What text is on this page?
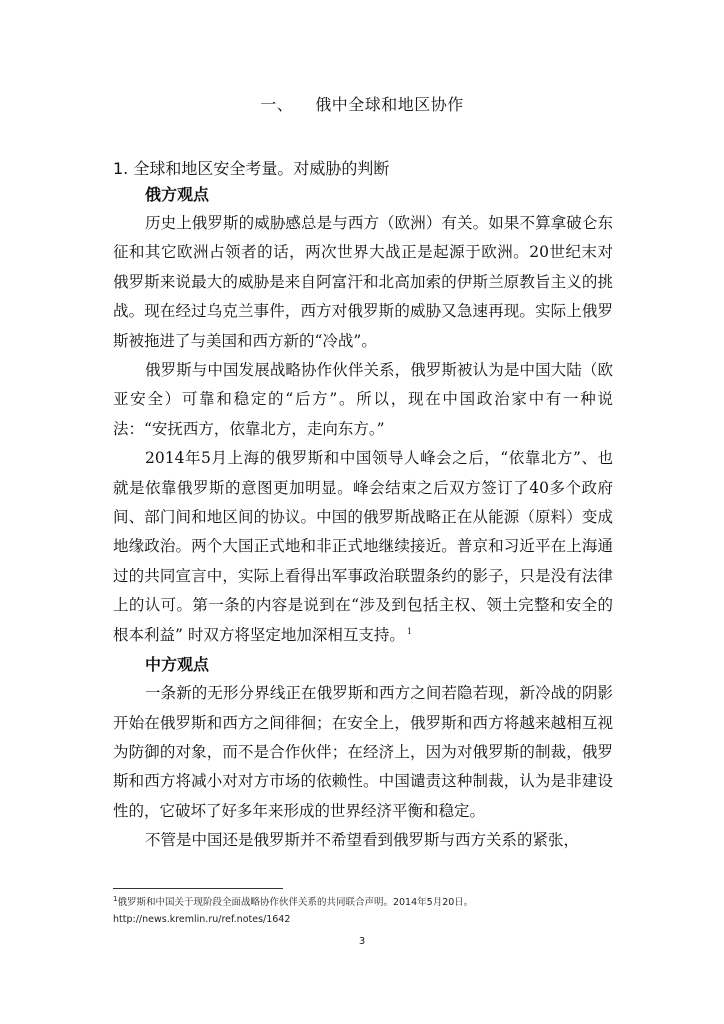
一、 俄中全球和地区协作
1. 全球和地区安全考量。对威胁的判断

俄方观点

历史上俄罗斯的威胁感总是与西方（欧洲）有关。如果不算拿破仑东征和其它欧洲占领者的话，两次世界大战正是起源于欧洲。20世纪末对俄罗斯来说最大的威胁是来自阿富汗和北高加索的伊斯兰原教旨主义的挑战。现在经过乌克兰事件，西方对俄罗斯的威胁又急速再现。实际上俄罗斯被拖进了与美国和西方新的“冷战”。

俄罗斯与中国发展战略协作伙伴关系，俄罗斯被认为是中国大陆（欧亚安全）可靠和稳定的“后方”。所以，现在中国政治家中有一种说法：“安抚西方，依靠北方，走向东方。”

2014年5月上海的俄罗斯和中国领导人峰会之后，“依靠北方”、也就是依靠俄罗斯的意图更加明显。峰会结束之后双方签订了40多个政府间、部门间和地区间的协议。中国的俄罗斯战略正在从能源（原料）变成地缘政治。两个大国正式地和非正式地继续接近。普京和习近平在上海通过的共同宣言中，实际上看得出军事政治联盟条约的影子，只是没有法律上的认可。第一条的内容是说到在“涉及到包括主权、领土完整和安全的根本利益” 时双方将坚定地加深相互支持。 $^1$

中方观点

一条新的无形分界线正在俄罗斯和西方之间若隐若现，新冷战的阴影开始在俄罗斯和西方之间徘徊；在安全上，俄罗斯和西方将越来越相互视为防御的对象，而不是合作伙伴；在经济上，因为对俄罗斯的制裁，俄罗斯和西方将减小对对方市场的依赖性。中国谴责这种制裁，认为是非建设性的，它破坏了好多年来形成的世界经济平衡和稳定。

不管是中国还是俄罗斯并不希望看到俄罗斯与西方关系的紧张，

$^1$俄罗斯和中国关于现阶段全面战略协作伙伴关系的共同联合声明。2014年5月20日。
http://news.kremlin.ru/ref.notes/1642
3
